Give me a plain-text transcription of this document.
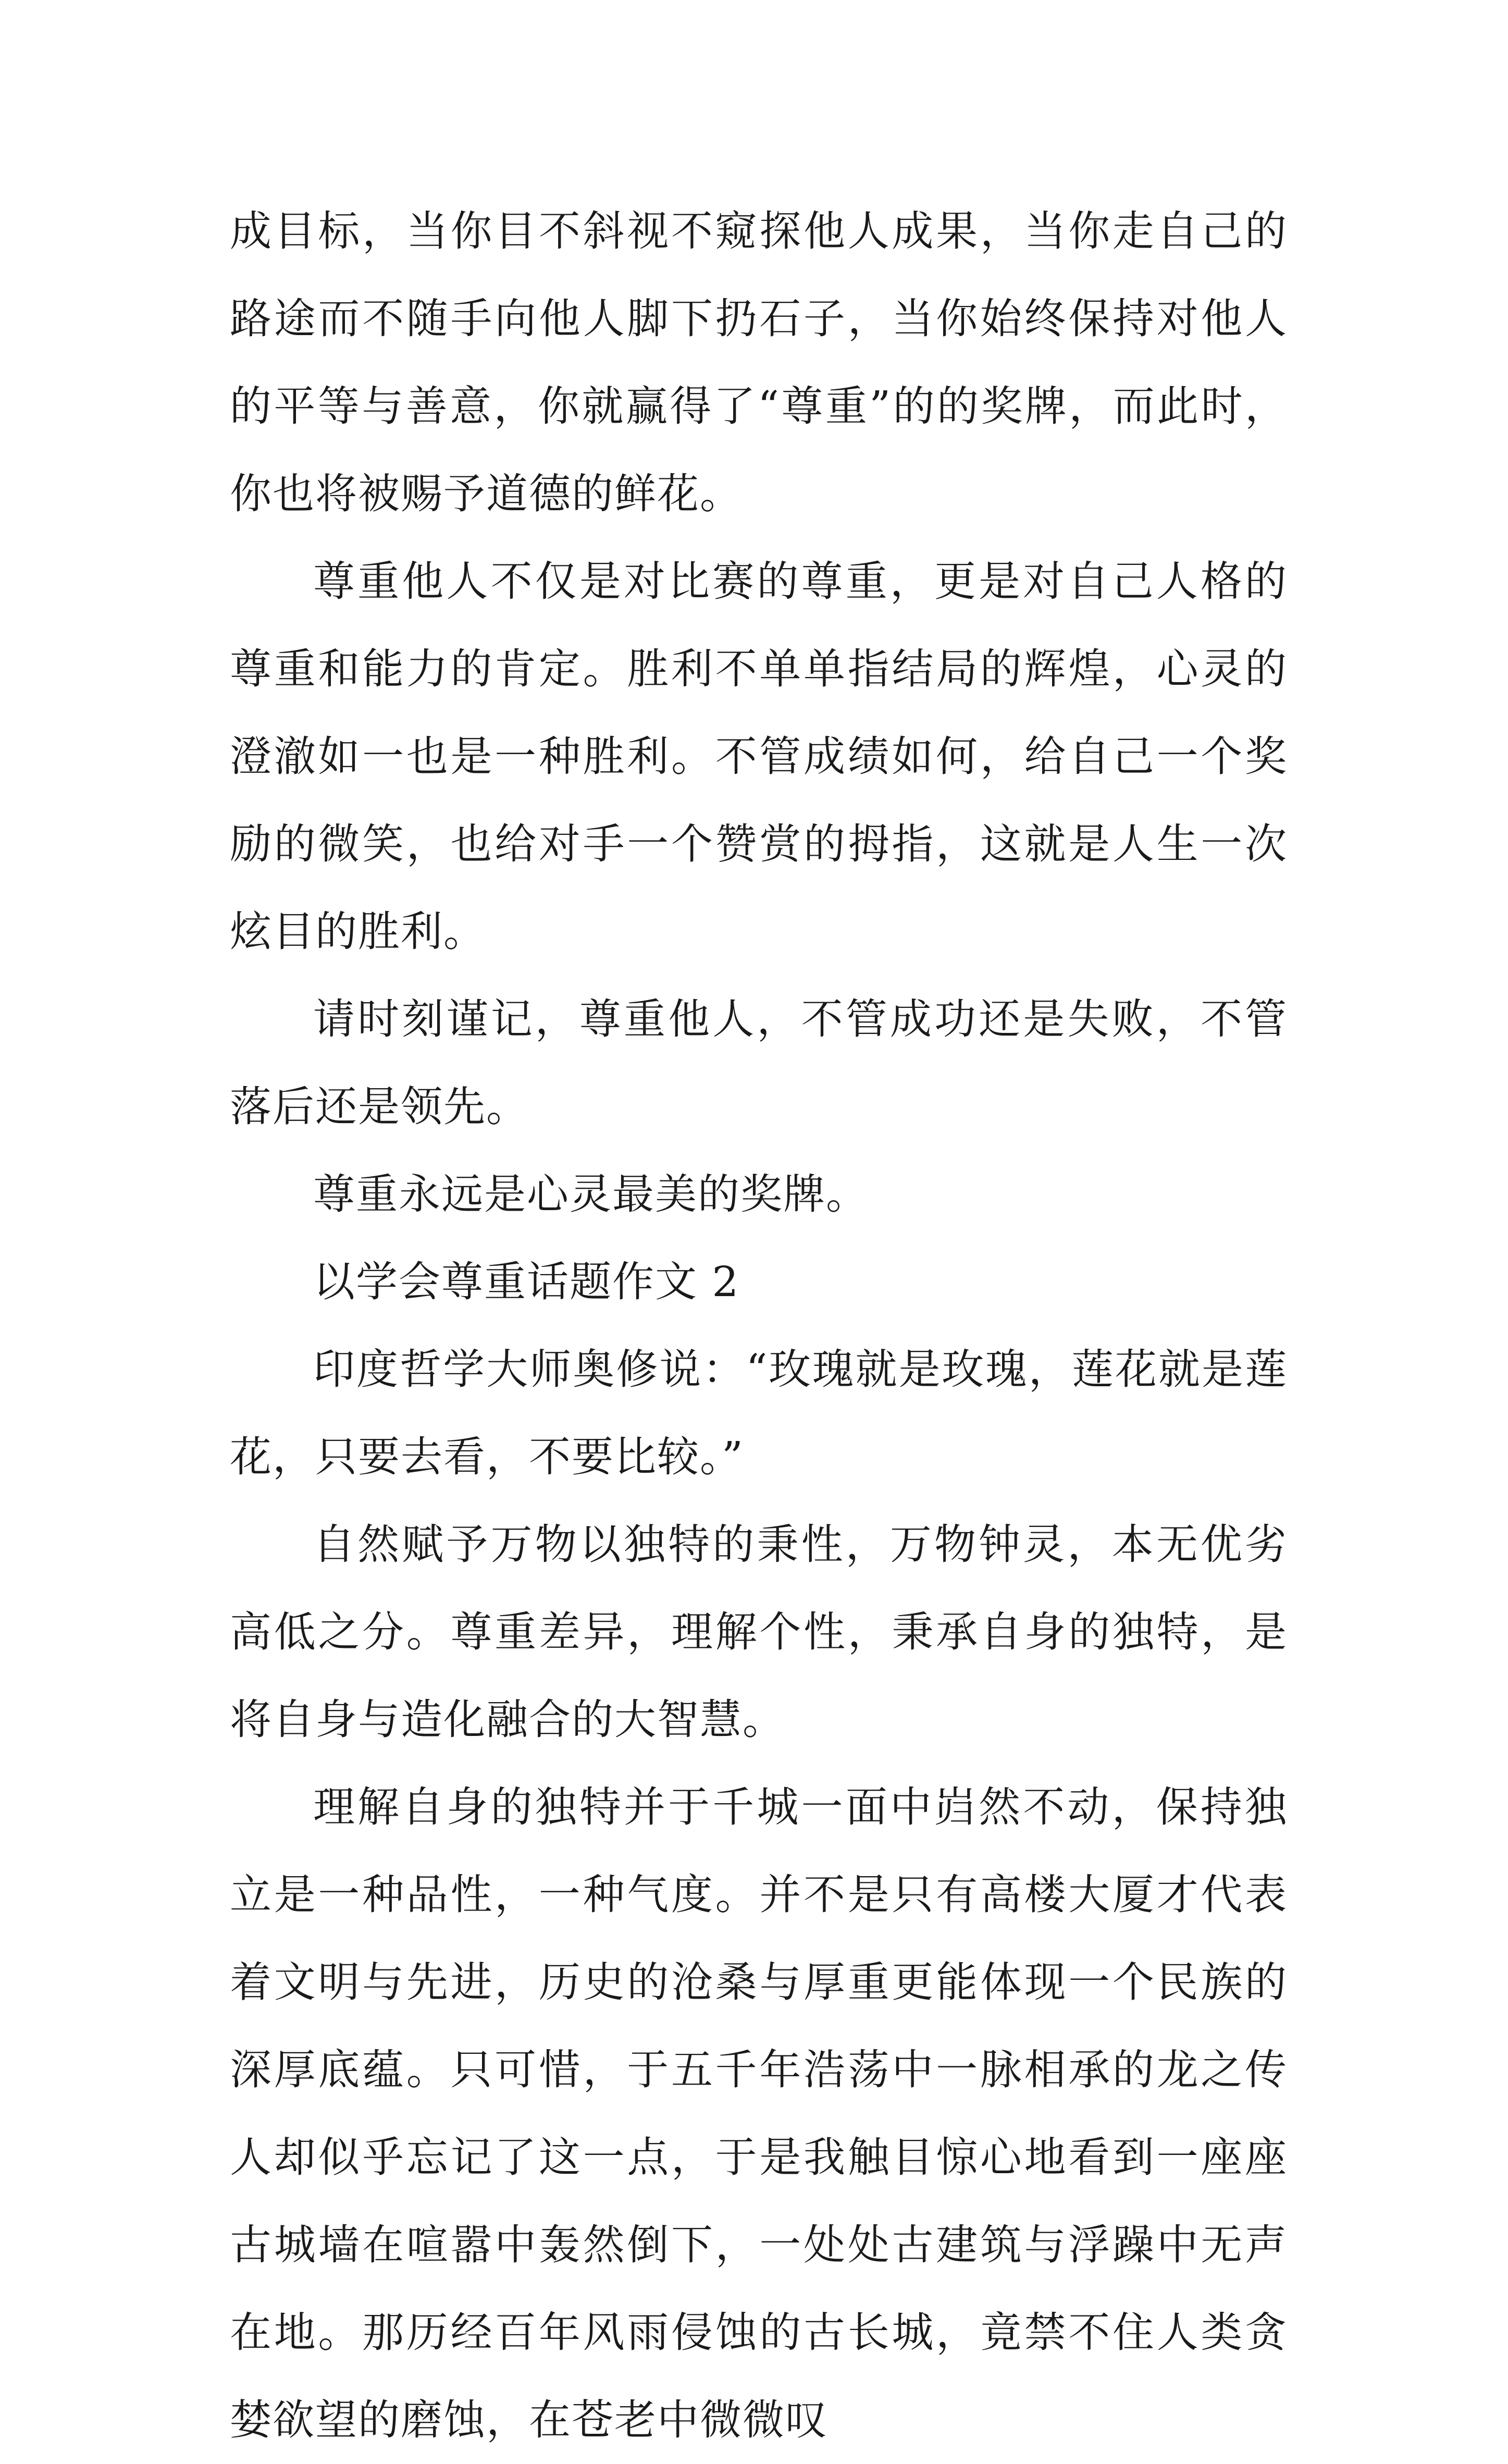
成目标，当你目不斜视不窥探他人成果，当你走自己的路途而不随手向他人脚下扔石子，当你始终保持对他人的平等与善意，你就赢得了“尊重”的的奖牌，而此时，你也将被赐予道德的鲜花。

尊重他人不仅是对比赛的尊重，更是对自己人格的尊重和能力的肯定。胜利不单单指结局的辉煌，心灵的澄澈如一也是一种胜利。不管成绩如何，给自己一个奖励的微笑，也给对手一个赞赏的拇指，这就是人生一次炫目的胜利。

请时刻谨记，尊重他人，不管成功还是失败，不管落后还是领先。

尊重永远是心灵最美的奖牌。

以学会尊重话题作文 2

印度哲学大师奥修说：“玫瑰就是玫瑰，莲花就是莲花，只要去看，不要比较。”

自然赋予万物以独特的秉性，万物钟灵，本无优劣高低之分。尊重差异，理解个性，秉承自身的独特，是将自身与造化融合的大智慧。

理解自身的独特并于千城一面中岿然不动，保持独立是一种品性，一种气度。并不是只有高楼大厦才代表着文明与先进，历史的沧桑与厚重更能体现一个民族的深厚底蕴。只可惜，于五千年浩荡中一脉相承的龙之传人却似乎忘记了这一点，于是我触目惊心地看到一座座古城墙在喧嚣中轰然倒下，一处处古建筑与浮躁中无声在地。那历经百年风雨侵蚀的古长城，竟禁不住人类贪婪欲望的磨蚀，在苍老中微微叹
